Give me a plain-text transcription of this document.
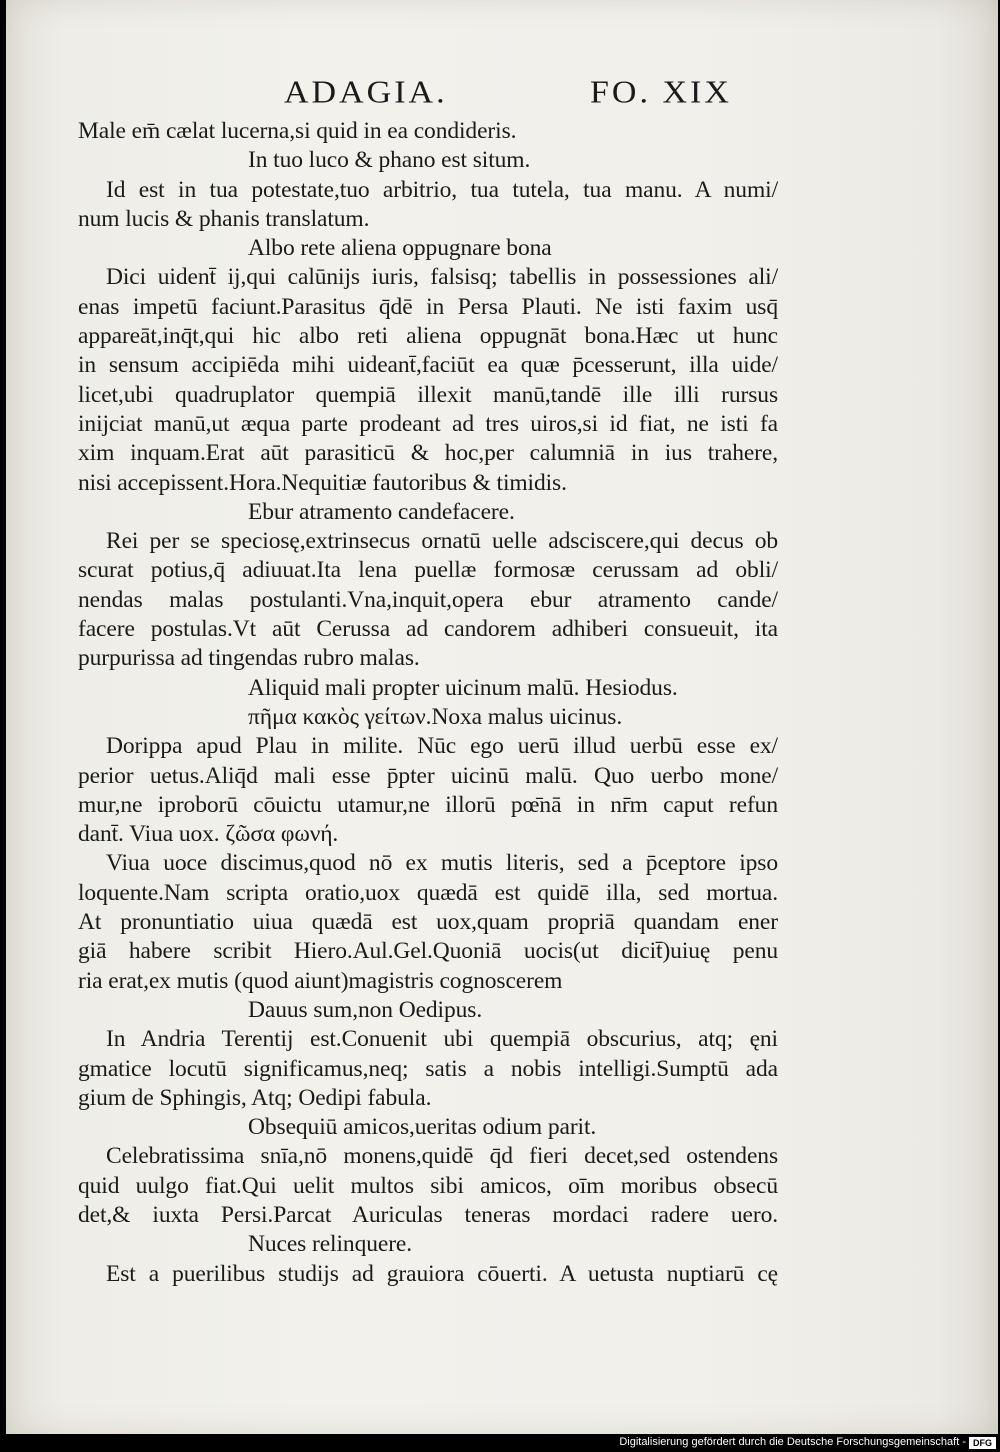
ADAGIA.	FO. XIX
Male em̄ cælat lucerna,si quid in ea condideris.
In tuo luco & phano est situm.
Id est in tua potestate,tuo arbitrio, tua tutela, tua manu. A numi/
num lucis & phanis translatum.
Albo rete aliena oppugnare bona
Dici uident̄ ij,qui calūnijs iuris, falsisq; tabellis in possessiones ali/
enas impetū faciunt.Parasitus q̄dē in Persa Plauti. Ne isti faxim usq̄
appareāt,inq̄t,qui hic albo reti aliena oppugnāt bona.Hæc ut hunc
in sensum accipiēda mihi uideant̄,faciūt ea quæ p̄cesserunt, illa uide/
licet,ubi quadruplator quempiā illexit manū,tandē ille illi rursus
inijciat manū,ut æqua parte prodeant ad tres uiros,si id fiat, ne isti fa
xim inquam.Erat aūt parasiticū & hoc,per calumniā in ius trahere,
nisi accepissent.Hora.Nequitiæ fautoribus & timidis.
Ebur atramento candefacere.
Rei per se speciosę,extrinsecus ornatū uelle adsciscere,qui decus ob
scurat potius,q̄ adiuuat.Ita lena puellæ formosæ cerussam ad obli/
nendas malas postulanti.Vna,inquit,opera ebur atramento cande/
facere postulas.Vt aūt Cerussa ad candorem adhiberi consueuit, ita
purpurissa ad tingendas rubro malas.
Aliquid mali propter uicinum malū. Hesiodus.
πῆμα κακὸς γείτων.Noxa malus uicinus.
Dorippa apud Plau in milite. Nūc ego uerū illud uerbū esse ex/
perior uetus.Aliq̄d mali esse p̄pter uicinū malū. Quo uerbo mone/
mur,ne iproborū cōuictu utamur,ne illorū pœ̄nā in nr̄m caput refun
dant̄. Viua uox. ζῶσα φωνή.
Viua uoce discimus,quod nō ex mutis literis, sed a p̄ceptore ipso
loquente.Nam scripta oratio,uox quædā est quidē illa, sed mortua.
At pronuntiatio uiua quædā est uox,quam propriā quandam ener
giā habere scribit Hiero.Aul.Gel.Quoniā uocis(ut dicit̄)uiuę penu
ria erat,ex mutis (quod aiunt)magistris cognoscerem
Dauus sum,non Oedipus.
In Andria Terentij est.Conuenit ubi quempiā obscurius, atq; ęni
gmatice locutū significamus,neq; satis a nobis intelligi.Sumptū ada
gium de Sphingis, Atq; Oedipi fabula.
Obsequiū amicos,ueritas odium parit.
Celebratissima snīa,nō monens,quidē q̄d fieri decet,sed ostendens
quid uulgo fiat.Qui uelit multos sibi amicos, oīm moribus obsecū
det,& iuxta Persi.Parcat Auriculas teneras mordaci radere uero.
Nuces relinquere.
Est a puerilibus studijs ad grauiora cōuerti. A uetusta nuptiarū cę
Digitalisierung gefördert durch die Deutsche Forschungsgemeinschaft - DFG
